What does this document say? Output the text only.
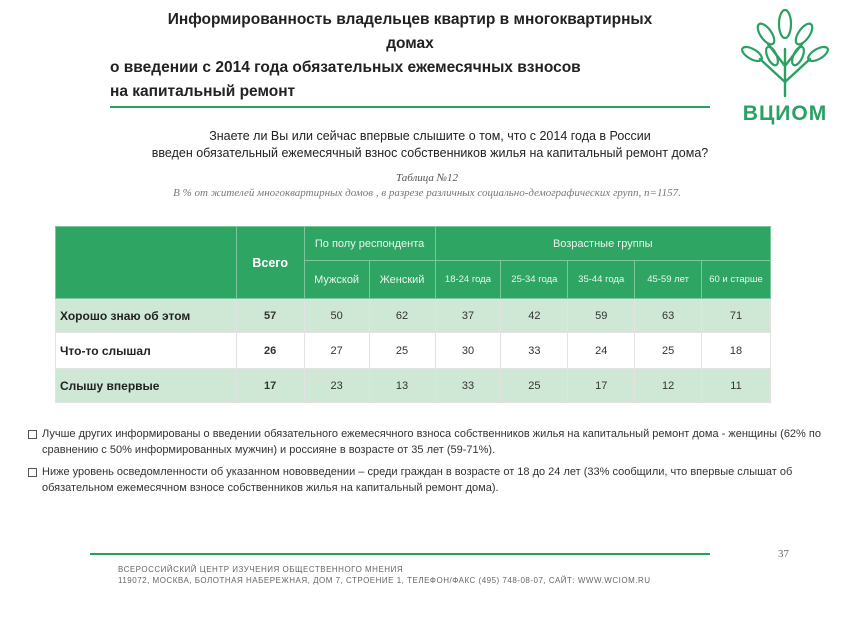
Информированность владельцев квартир в многоквартирных
домах
о введении с 2014 года обязательных ежемесячных взносов
на капитальный ремонт
ВЦИОМ
Знаете ли Вы или сейчас впервые слышите о том, что с 2014 года в России
введен обязательный ежемесячный взнос собственников жилья на капитальный ремонт дома?
Таблица №12
В % от жителей многоквартирных домов , в разрезе различных социально-демографических групп, n=1157.
	Всего	По полу респондента		Возрастные группы				
		Мужской	Женский	18-24 года	25-34 года	35-44 года	45-59 лет	60 и старше
Хорошо знаю об этом	57	50	62	37	42	59	63	71
Что-то слышал	26	27	25	30	33	24	25	18
Слышу впервые	17	23	13	33	25	17	12	11
Лучше других информированы о введении обязательного ежемесячного взноса собственников жилья на капитальный ремонт дома - женщины (62% по сравнению с 50% информированных мужчин) и россияне в возрасте от 35 лет (59-71%).
Ниже уровень осведомленности об указанном нововведении – среди граждан в возрасте от 18 до 24 лет (33% сообщили, что впервые слышат об обязательном ежемесячном взносе собственников жилья на капитальный ремонт дома).
37
ВСЕРОССИЙСКИЙ ЦЕНТР ИЗУЧЕНИЯ ОБЩЕСТВЕННОГО МНЕНИЯ
119072, МОСКВА, БОЛОТНАЯ НАБЕРЕЖНАЯ, ДОМ 7, СТРОЕНИЕ 1, ТЕЛЕФОН/ФАКС (495) 748-08-07, САЙТ: WWW.WCIOM.RU
